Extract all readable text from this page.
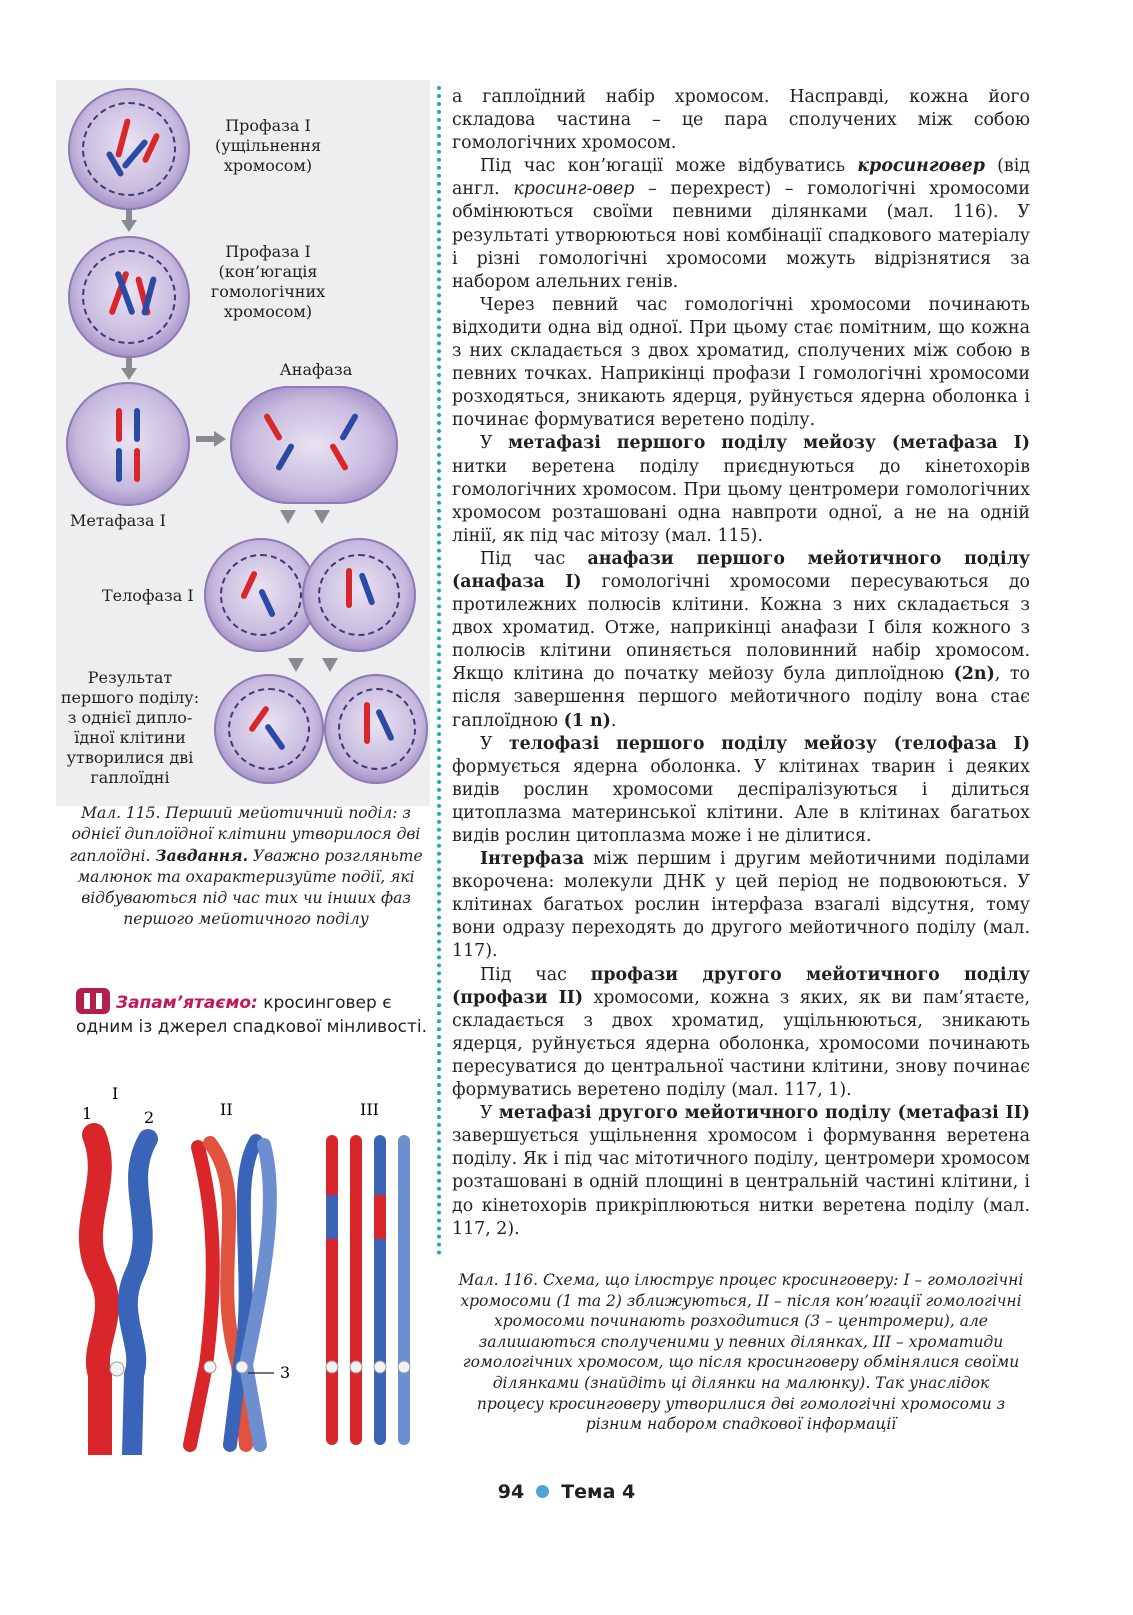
Профаза І
(ущільнення
хромосом)
Профаза І
(кон’югація
гомологічних
хромосом)
Метафаза І
Анафаза
Телофаза І
Результат
першого поділу:
з однієї дипло-
їдної клітини
утворилися дві
гаплоїдні
Мал. 115. Перший мейотичний поділ: з однієї диплоїдної клітини утворилося дві гаплоїдні. Завдання. Уважно розгляньте малюнок та охарактеризуйте події, які відбуваються під час тих чи інших фаз першого мейотичного поділу
Запам’ятаємо: кросинговер є одним із джерел спадкової мінливості.
I
1	2	II
3
III

а гаплоїдний набір хромосом. Насправді, кожна його складова частина – це пара сполучених між собою гомологічних хромосом.

Під час кон’югації може відбуватись кросинговер (від англ. кросинг-овер – перехрест) – гомологічні хромосоми обмінюються своїми певними ділянками (мал. 116). У результаті утворюються нові комбінації спадкового матеріалу і різні гомологічні хромосоми можуть відрізнятися за набором алельних генів.

Через певний час гомологічні хромосоми починають відходити одна від одної. При цьому стає помітним, що кожна з них складається з двох хроматид, сполучених між собою в певних точках. Наприкінці профази І гомологічні хромосоми розходяться, зникають ядерця, руйнується ядерна оболонка і починає формуватися веретено поділу.

У метафазі першого поділу мейозу (метафаза І) нитки веретена поділу приєднуються до кінетохорів гомологічних хромосом. При цьому центромери гомологічних хромосом розташовані одна навпроти одної, а не на одній лінії, як під час мітозу (мал. 115).

Під час анафази першого мейотичного поділу (анафаза І) гомологічні хромосоми пересуваються до протилежних полюсів клітини. Кожна з них складається з двох хроматид. Отже, наприкінці анафази І біля кожного з полюсів клітини опиняється половинний набір хромосом. Якщо клітина до початку мейозу була диплоїдною (2n), то після завершення першого мейотичного поділу вона стає гаплоїдною (1 n).

У телофазі першого поділу мейозу (телофаза І) формується ядерна оболонка. У клітинах тварин і деяких видів рослин хромосоми деспіралізуються і ділиться цитоплазма материнської клітини. Але в клітинах багатьох видів рослин цитоплазма може і не ділитися.

Інтерфаза між першим і другим мейотичними поділами вкорочена: молекули ДНК у цей період не подвоюються. У клітинах багатьох рослин інтерфаза взагалі відсутня, тому вони одразу переходять до другого мейотичного поділу (мал. 117).

Під час профази другого мейотичного поділу (профази ІІ) хромосоми, кожна з яких, як ви пам’ятаєте, складається з двох хроматид, ущільнюються, зникають ядерця, руйнується ядерна оболонка, хромосоми починають пересуватися до центральної частини клітини, знову починає формуватись веретено поділу (мал. 117, 1).

У метафазі другого мейотичного поділу (метафазі ІІ) завершується ущільнення хромосом і формування веретена поділу. Як і під час мітотичного поділу, центромери хромосом розташовані в одній площині в центральній частині клітини, і до кінетохорів прикріплюються нитки веретена поділу (мал. 117, 2).

Мал. 116. Схема, що ілюструє процес кросинговеру: I – гомологічні хромосоми (1 та 2) зближуються, II – після кон’югації гомологічні хромосоми починають розходитися (3 – центромери), але залишаються сполученими у певних ділянках, III – хроматиди гомологічних хромосом, що після кросинговеру обмінялися своїми ділянками (знайдіть ці ділянки на малюнку). Так унаслідок процесу кросинговеру утворилися дві гомологічні хромосоми з різним набором спадкової інформації
94 Тема 4
